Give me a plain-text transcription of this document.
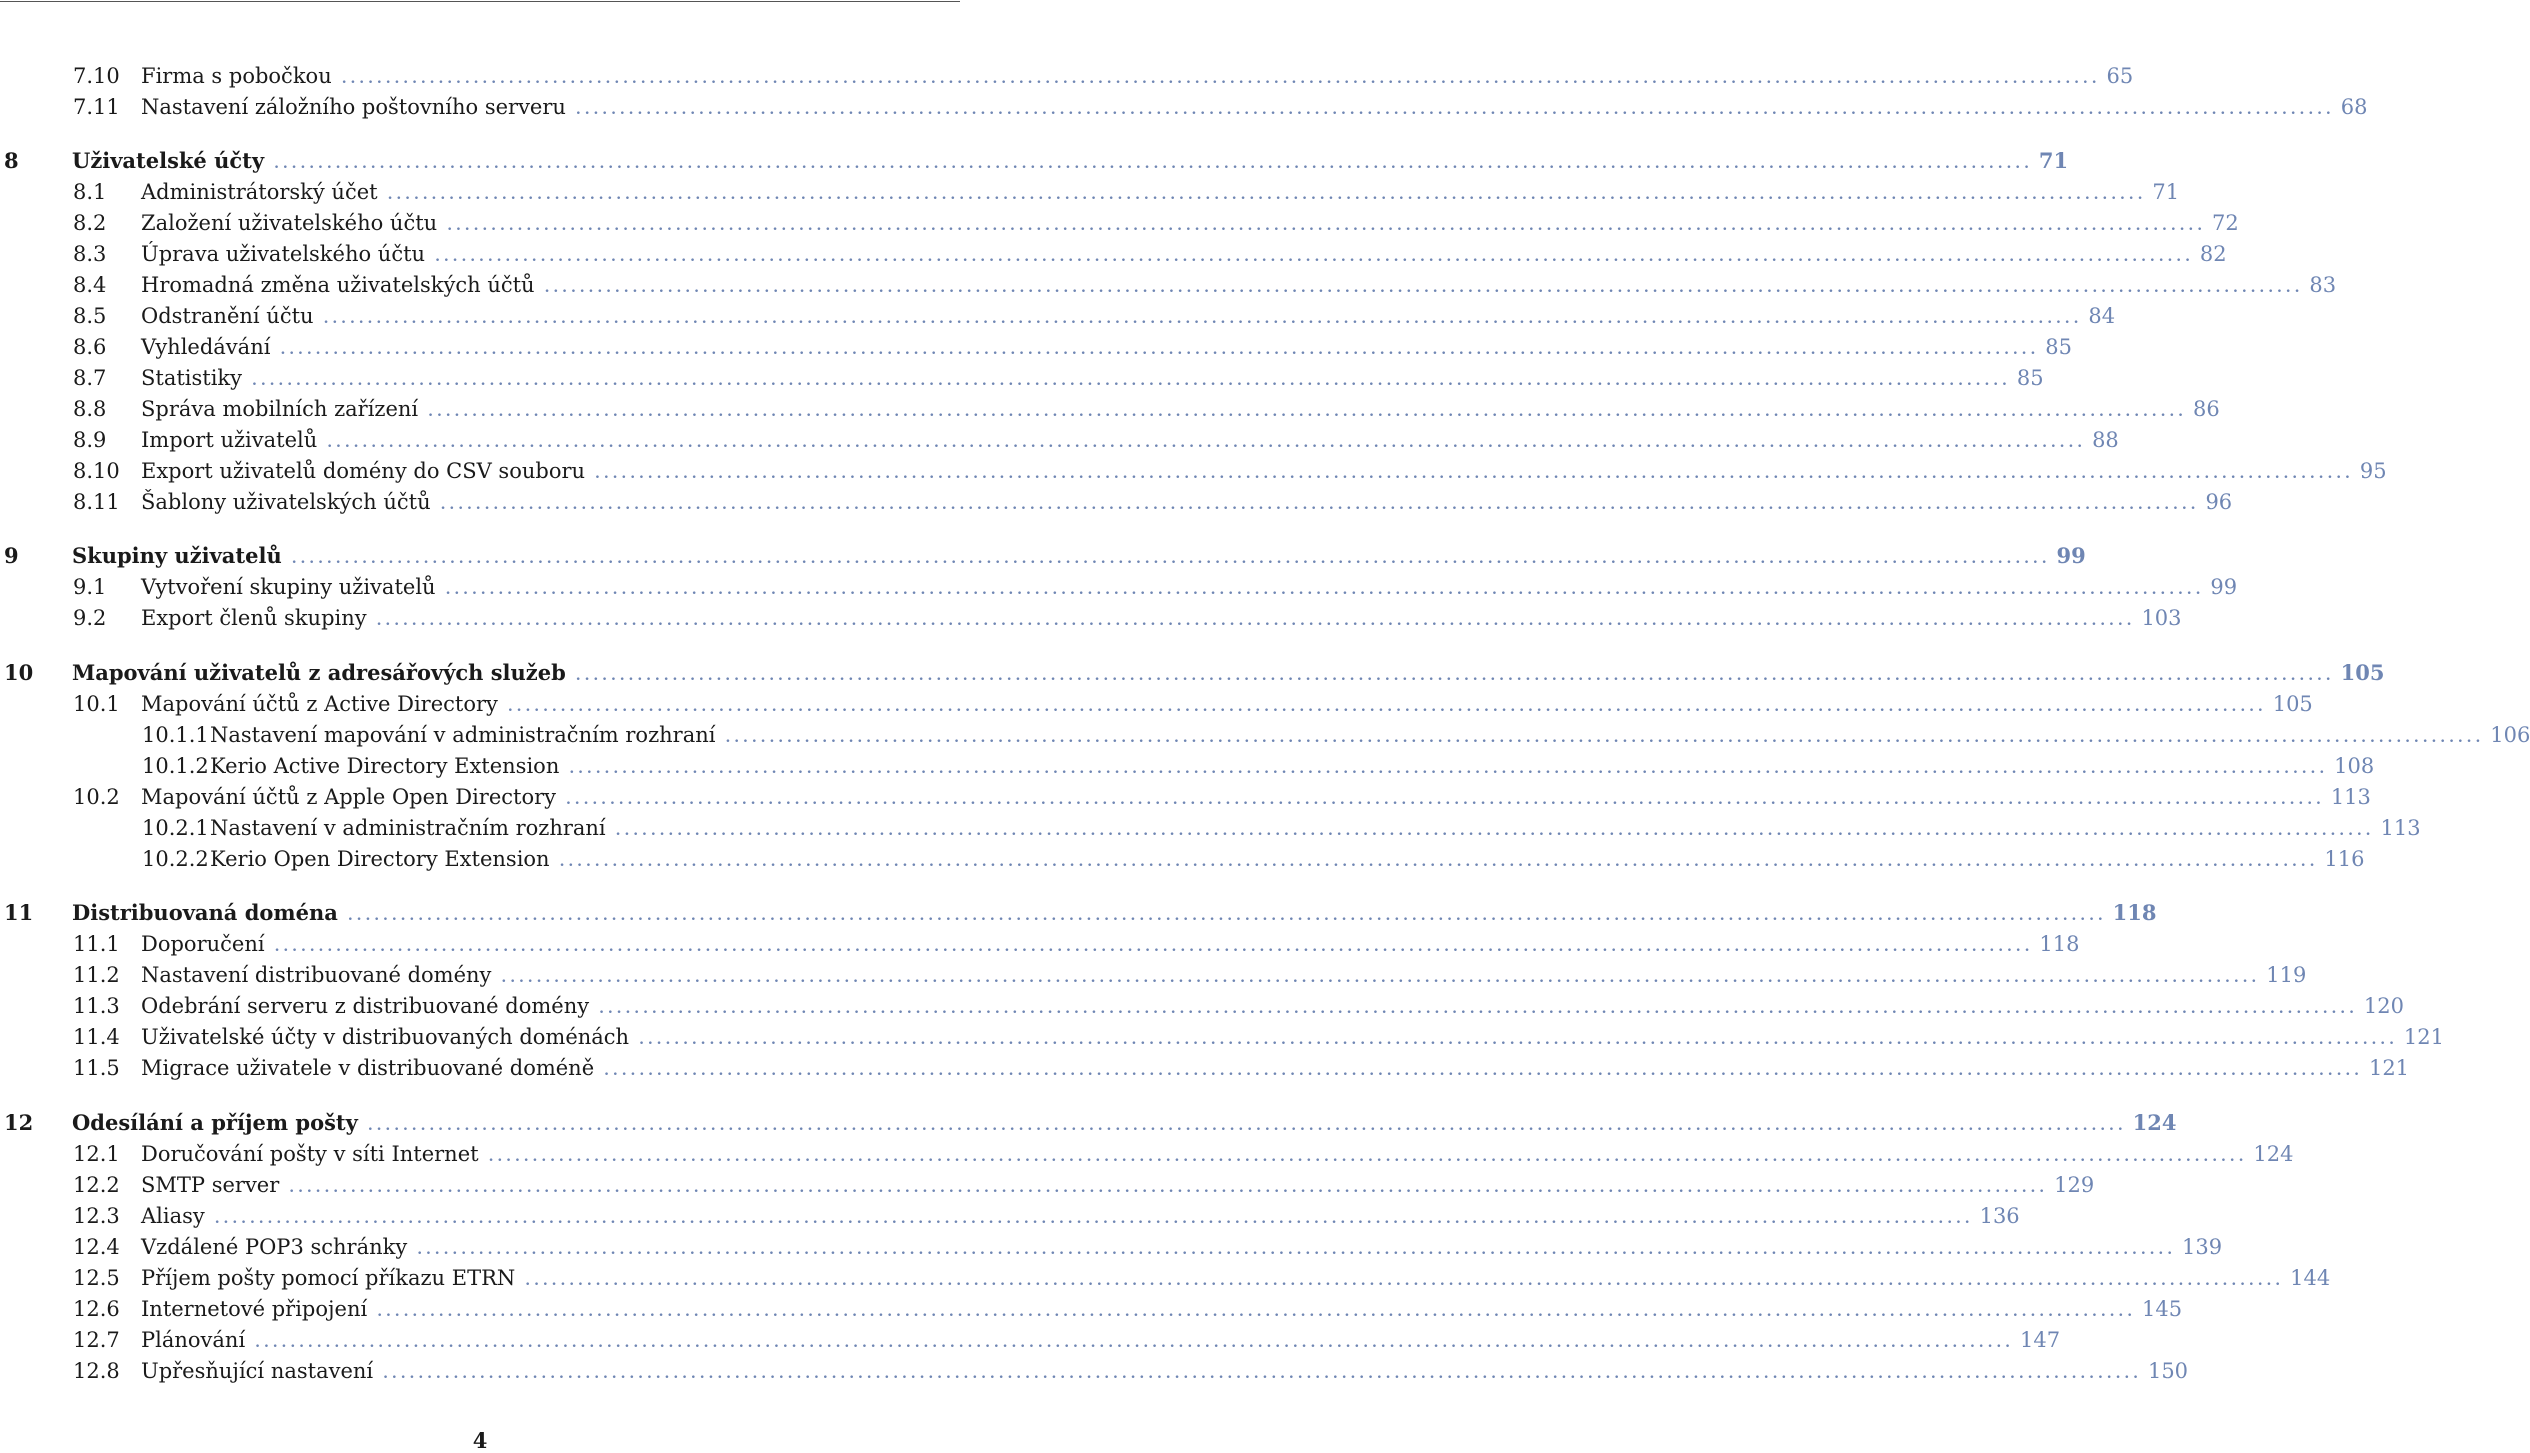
7.10	Firma s pobočkou ........................................................................................................................................................................................................ 65
7.11	Nastavení záložního poštovního serveru ........................................................................................................................................................................................................ 68
8	Uživatelské účty ........................................................................................................................................................................................................ 71
8.1	Administrátorský účet ........................................................................................................................................................................................................ 71
8.2	Založení uživatelského účtu ........................................................................................................................................................................................................ 72
8.3	Úprava uživatelského účtu ........................................................................................................................................................................................................ 82
8.4	Hromadná změna uživatelských účtů ........................................................................................................................................................................................................ 83
8.5	Odstranění účtu ........................................................................................................................................................................................................ 84
8.6	Vyhledávání ........................................................................................................................................................................................................ 85
8.7	Statistiky ........................................................................................................................................................................................................ 85
8.8	Správa mobilních zařízení ........................................................................................................................................................................................................ 86
8.9	Import uživatelů ........................................................................................................................................................................................................ 88
8.10	Export uživatelů domény do CSV souboru ........................................................................................................................................................................................................ 95
8.11	Šablony uživatelských účtů ........................................................................................................................................................................................................ 96
9	Skupiny uživatelů ........................................................................................................................................................................................................ 99
9.1	Vytvoření skupiny uživatelů ........................................................................................................................................................................................................ 99
9.2	Export členů skupiny ........................................................................................................................................................................................................ 103
10	Mapování uživatelů z adresářových služeb ........................................................................................................................................................................................................ 105
10.1	Mapování účtů z Active Directory ........................................................................................................................................................................................................ 105
10.1.1 Nastavení mapování v administračním rozhraní ........................................................................................................................................................................................................ 106
10.1.2 Kerio Active Directory Extension ........................................................................................................................................................................................................ 108
10.2	Mapování účtů z Apple Open Directory ........................................................................................................................................................................................................ 113
10.2.1 Nastavení v administračním rozhraní ........................................................................................................................................................................................................ 113
10.2.2 Kerio Open Directory Extension ........................................................................................................................................................................................................ 116
11	Distribuovaná doména ........................................................................................................................................................................................................ 118
11.1	Doporučení ........................................................................................................................................................................................................ 118
11.2	Nastavení distribuované domény ........................................................................................................................................................................................................ 119
11.3	Odebrání serveru z distribuované domény ........................................................................................................................................................................................................ 120
11.4	Uživatelské účty v distribuovaných doménách ........................................................................................................................................................................................................ 121
11.5	Migrace uživatele v distribuované doméně ........................................................................................................................................................................................................ 121
12	Odesílání a příjem pošty ........................................................................................................................................................................................................ 124
12.1	Doručování pošty v síti Internet ........................................................................................................................................................................................................ 124
12.2	SMTP server ........................................................................................................................................................................................................ 129
12.3	Aliasy ........................................................................................................................................................................................................ 136
12.4	Vzdálené POP3 schránky ........................................................................................................................................................................................................ 139
12.5	Příjem pošty pomocí příkazu ETRN ........................................................................................................................................................................................................ 144
12.6	Internetové připojení ........................................................................................................................................................................................................ 145
12.7	Plánování ........................................................................................................................................................................................................ 147
12.8	Upřesňující nastavení ........................................................................................................................................................................................................ 150
4
